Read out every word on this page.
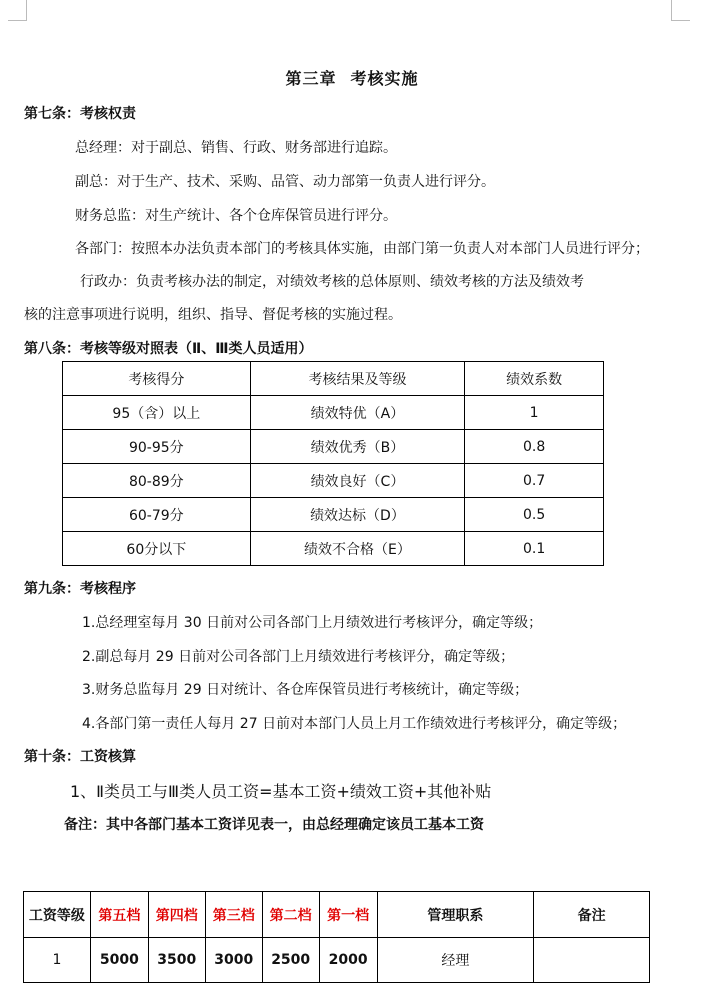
第三章 考核实施
第七条：考核权责
总经理：对于副总、销售、行政、财务部进行追踪。
副总：对于生产、技术、采购、品管、动力部第一负责人进行评分。
财务总监：对生产统计、各个仓库保管员进行评分。
各部门：按照本办法负责本部门的考核具体实施，由部门第一负责人对本部门人员进行评分；
行政办：负责考核办法的制定，对绩效考核的总体原则、绩效考核的方法及绩效考
核的注意事项进行说明，组织、指导、督促考核的实施过程。
第八条：考核等级对照表（Ⅱ、Ⅲ类人员适用）
考核得分	考核结果及等级	绩效系数
95（含）以上	绩效特优（A）	1
90-95分	绩效优秀（B）	0.8
80-89分	绩效良好（C）	0.7
60-79分	绩效达标（D）	0.5
60分以下	绩效不合格（E）	0.1
第九条：考核程序
1.总经理室每月 30 日前对公司各部门上月绩效进行考核评分，确定等级；
2.副总每月 29 日前对公司各部门上月绩效进行考核评分，确定等级；
3.财务总监每月 29 日对统计、各仓库保管员进行考核统计，确定等级；
4.各部门第一责任人每月 27 日前对本部门人员上月工作绩效进行考核评分，确定等级；
第十条：工资核算
1、Ⅱ类员工与Ⅲ类人员工资=基本工资+绩效工资+其他补贴
备注：其中各部门基本工资详见表一，由总经理确定该员工基本工资
工资等级	第五档	第四档	第三档	第二档	第一档	管理职系	备注
1	5000	3500	3000	2500	2000	经理	
